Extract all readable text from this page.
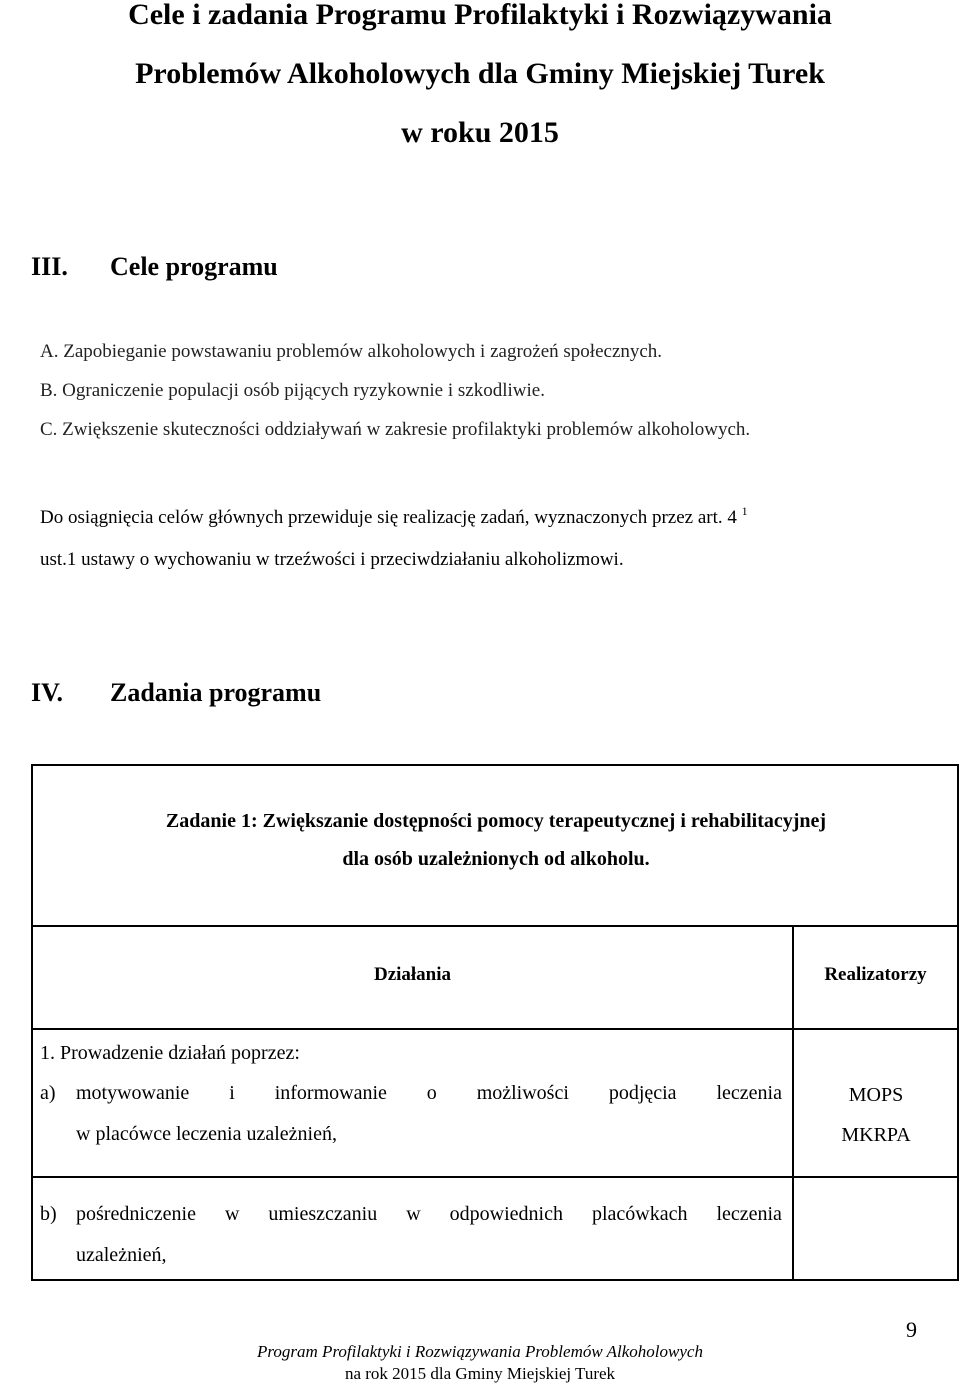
Cele i zadania Programu Profilaktyki i Rozwiązywania
Problemów Alkoholowych dla Gminy Miejskiej Turek
w roku 2015
III. Cele programu
A. Zapobieganie powstawaniu problemów alkoholowych i zagrożeń społecznych.
B. Ograniczenie populacji osób pijących ryzykownie i szkodliwie.
C. Zwiększenie skuteczności oddziaływań w zakresie profilaktyki problemów alkoholowych.
Do osiągnięcia celów głównych przewiduje się realizację zadań, wyznaczonych przez art. 4 $^1$
ust.1 ustawy o wychowaniu w trzeźwości i przeciwdziałaniu alkoholizmowi.
IV. Zadania programu
Zadanie 1: Zwiększanie dostępności pomocy terapeutycznej i rehabilitacyjnej
dla osób uzależnionych od alkoholu.
Działania	Realizatorzy
1. Prowadzenie działań poprzez:
a) motywowanie i informowanie o możliwości podjęcia leczenia
w placówce leczenia uzależnień,
MOPS
MKRPA
b) pośredniczenie w umieszczaniu w odpowiednich placówkach leczenia
uzależnień,
9
Program Profilaktyki i Rozwiązywania Problemów Alkoholowych
na rok 2015 dla Gminy Miejskiej Turek
